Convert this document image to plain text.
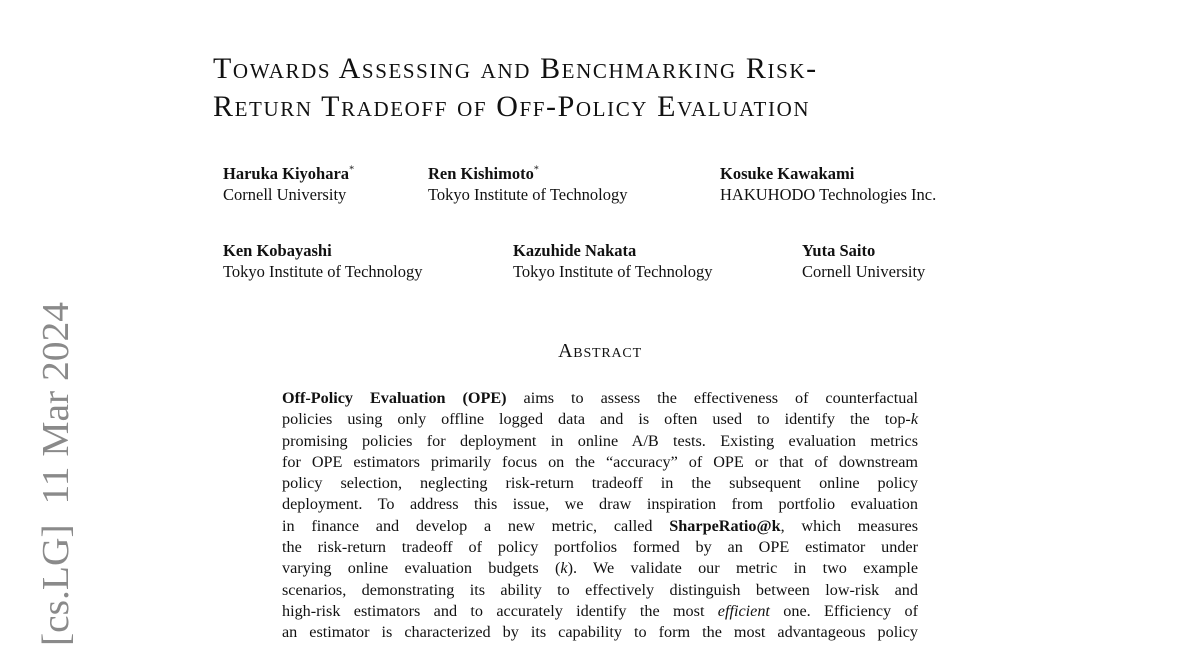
[cs.LG]  11 Mar 2024
Towards Assessing and Benchmarking Risk-
Return Tradeoff of Off-Policy Evaluation
Haruka Kiyohara*
Cornell University
Ren Kishimoto*
Tokyo Institute of Technology
Kosuke Kawakami
HAKUHODO Technologies Inc.
Ken Kobayashi
Tokyo Institute of Technology
Kazuhide Nakata
Tokyo Institute of Technology
Yuta Saito
Cornell University
Abstract
Off-Policy Evaluation (OPE) aims to assess the effectiveness of counterfactual
policies using only offline logged data and is often used to identify the top-k
promising policies for deployment in online A/B tests. Existing evaluation metrics
for OPE estimators primarily focus on the “accuracy” of OPE or that of downstream
policy selection, neglecting risk-return tradeoff in the subsequent online policy
deployment. To address this issue, we draw inspiration from portfolio evaluation
in finance and develop a new metric, called SharpeRatio@k, which measures
the risk-return tradeoff of policy portfolios formed by an OPE estimator under
varying online evaluation budgets (k). We validate our metric in two example
scenarios, demonstrating its ability to effectively distinguish between low-risk and
high-risk estimators and to accurately identify the most efficient one. Efficiency of
an estimator is characterized by its capability to form the most advantageous policy
